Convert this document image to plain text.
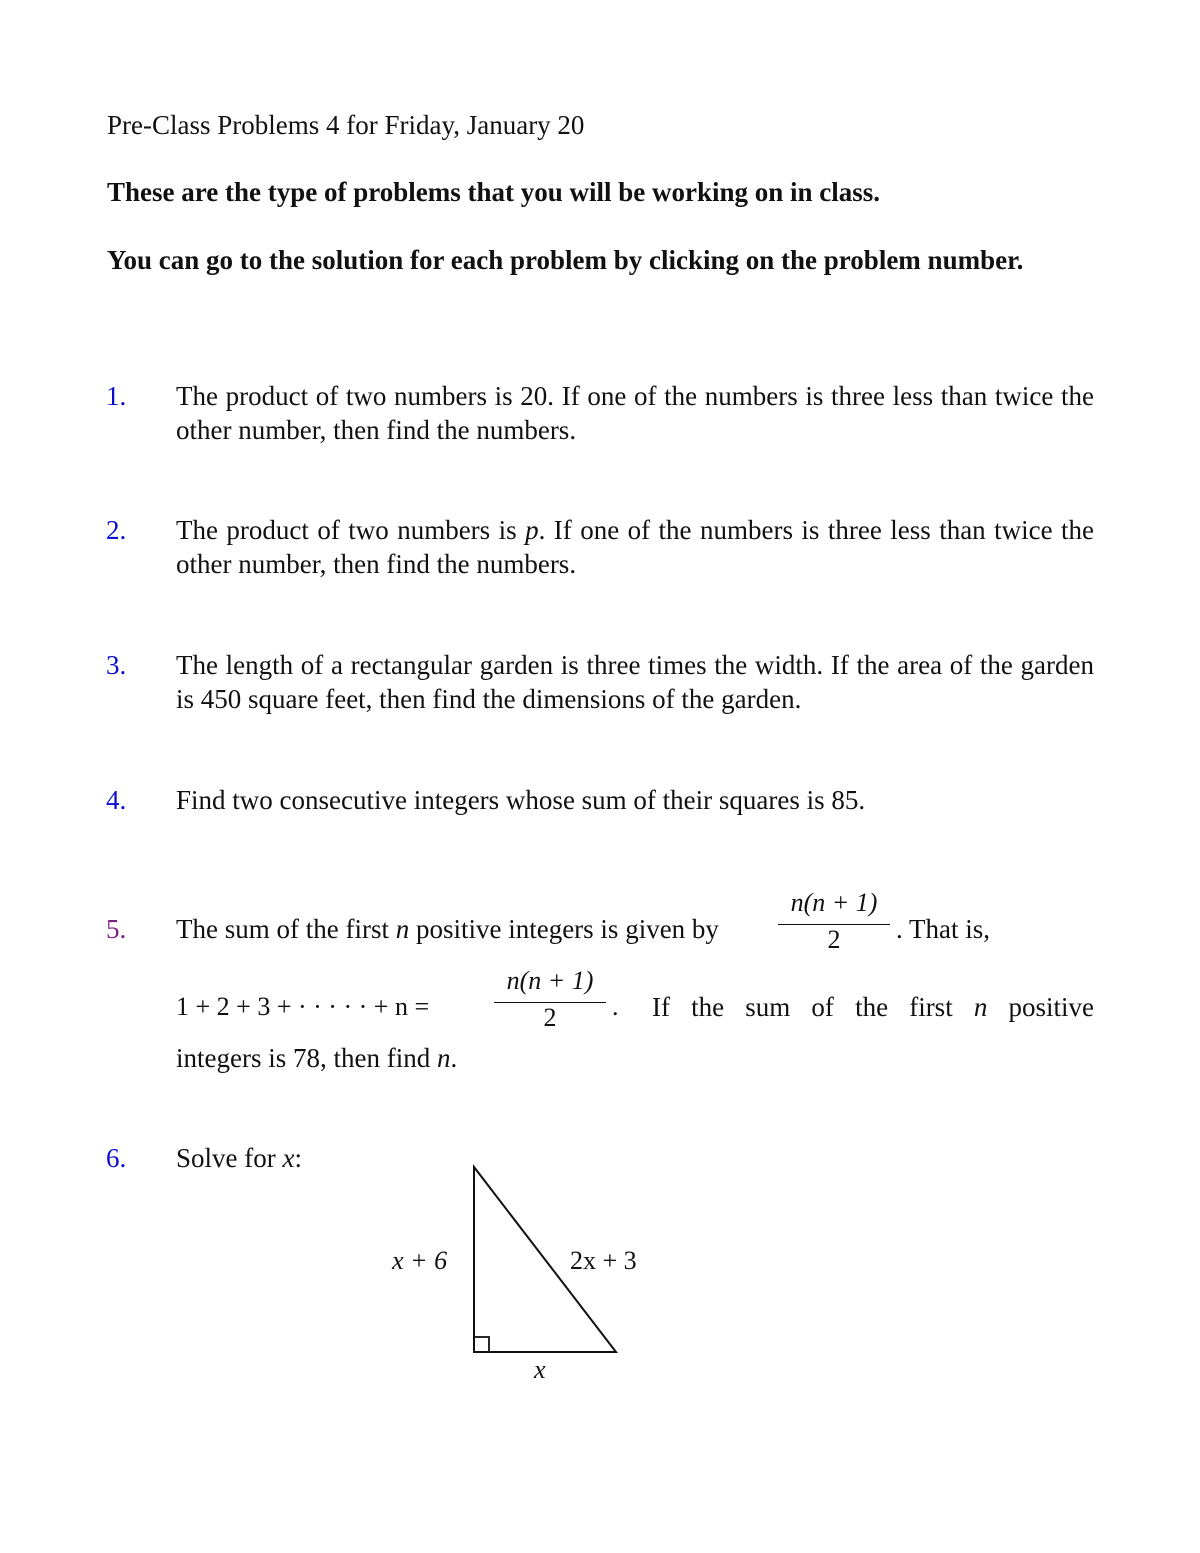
Pre-Class Problems 4 for Friday, January 20
These are the type of problems that you will be working on in class.
You can go to the solution for each problem by clicking on the problem number.
1. The product of two numbers is 20. If one of the numbers is three less than twice the other number, then find the numbers.
2. The product of two numbers is p. If one of the numbers is three less than twice the other number, then find the numbers.
3. The length of a rectangular garden is three times the width. If the area of the garden is 450 square feet, then find the dimensions of the garden.
4. Find two consecutive integers whose sum of their squares is 85.
5. The sum of the first n positive integers is given by
n(n + 1)
2	. That is,
1 + 2 + 3 + · · · · · + n =
n(n + 1)
2	. If the sum of the first n positive
integers is 78, then find n.
6. Solve for x:
x + 6	2x + 3
x
